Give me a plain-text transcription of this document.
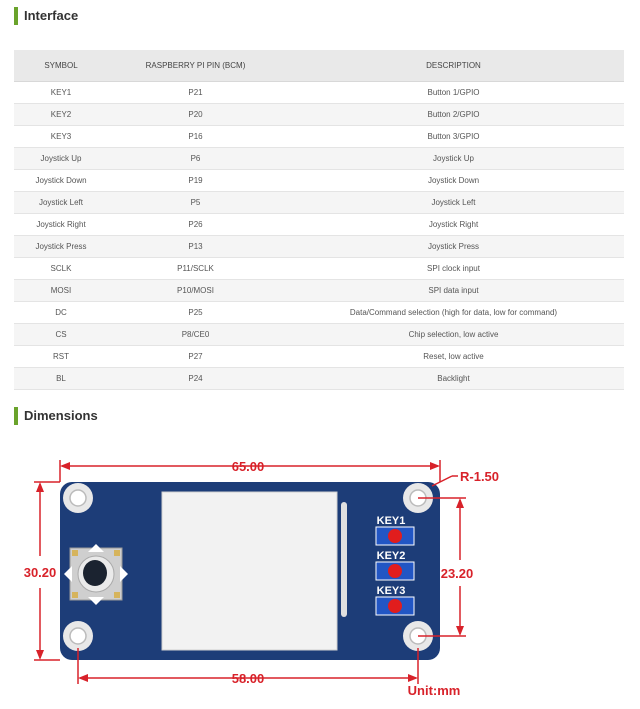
Interface
SYMBOL	RASPBERRY PI PIN (BCM)	DESCRIPTION
KEY1	P21	Button 1/GPIO
KEY2	P20	Button 2/GPIO
KEY3	P16	Button 3/GPIO
Joystick Up	P6	Joystick Up
Joystick Down	P19	Joystick Down
Joystick Left	P5	Joystick Left
Joystick Right	P26	Joystick Right
Joystick Press	P13	Joystick Press
SCLK	P11/SCLK	SPI clock input
MOSI	P10/MOSI	SPI data input
DC	P25	Data/Command selection (high for data, low for command)
CS	P8/CE0	Chip selection, low active
RST	P27	Reset, low active
BL	P24	Backlight
Dimensions
KEY1
KEY2
KEY3
65.00
R-1.50
30.20	23.20
58.00
Unit:mm
